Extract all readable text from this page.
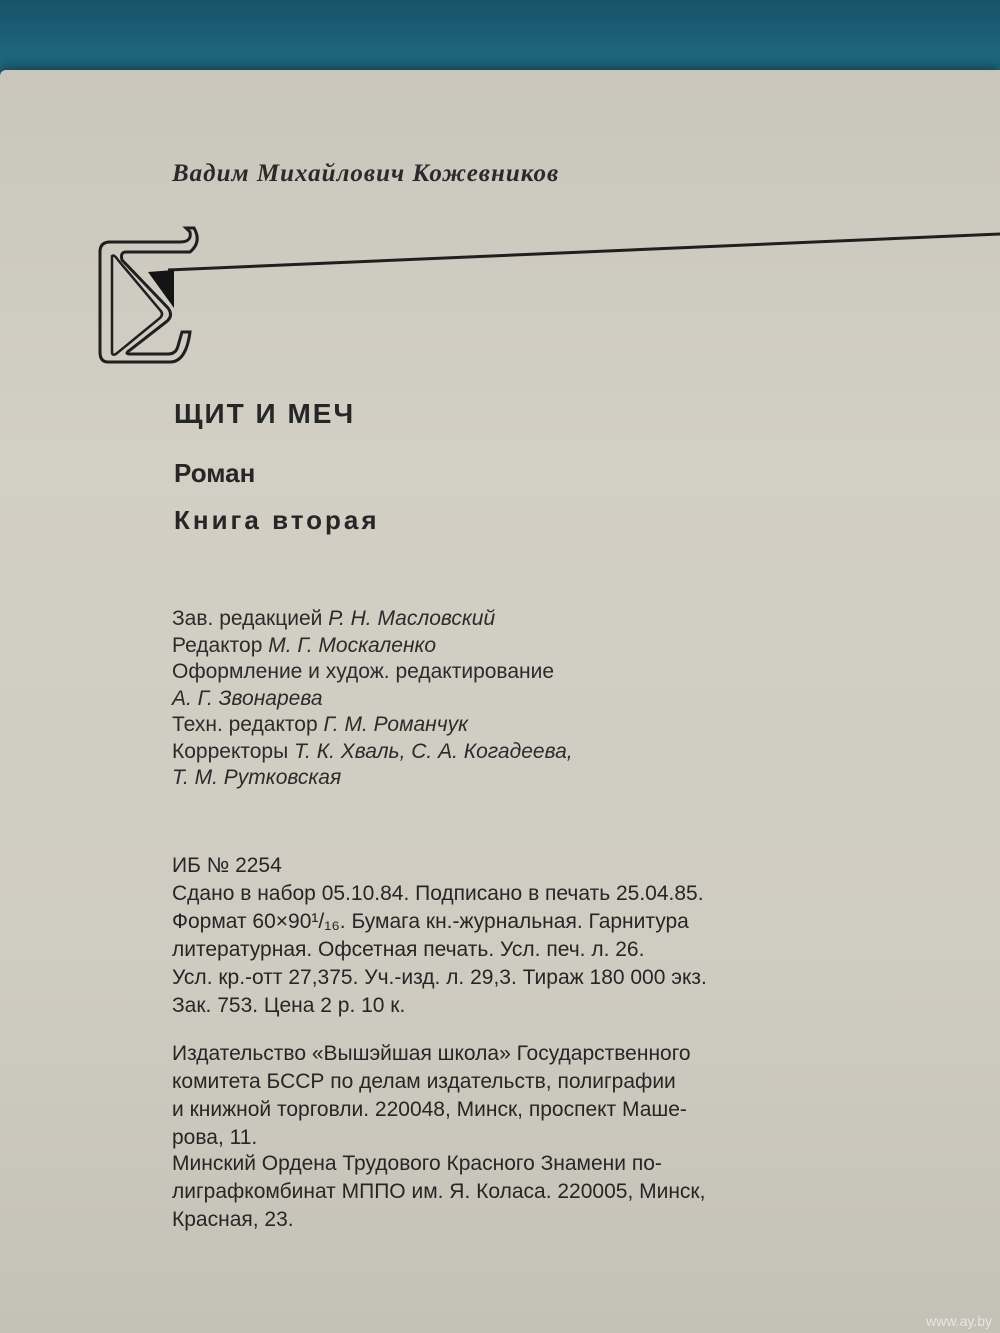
Вадим Михайлович Кожевников
ЩИТ И МЕЧ
Роман
Книга вторая
Зав. редакцией Р. Н. Масловский
Редактор М. Г. Москаленко
Оформление и худож. редактирование
А. Г. Звонарева
Техн. редактор Г. М. Романчук
Корректоры Т. К. Хваль, С. А. Когадеева,
Т. М. Рутковская
ИБ № 2254
Сдано в набор 05.10.84. Подписано в печать 25.04.85.
Формат 60×90¹/₁₆. Бумага кн.-журнальная. Гарнитура
литературная. Офсетная печать. Усл. печ. л. 26.
Усл. кр.-отт 27,375. Уч.-изд. л. 29,3. Тираж 180 000 экз.
Зак. 753. Цена 2 р. 10 к.
Издательство «Вышэйшая школа» Государственного
комитета БССР по делам издательств, полиграфии
и книжной торговли. 220048, Минск, проспект Маше-
рова, 11.
Минский Ордена Трудового Красного Знамени по-
лиграфкомбинат МППО им. Я. Коласа. 220005, Минск,
Красная, 23.
www.ay.by
